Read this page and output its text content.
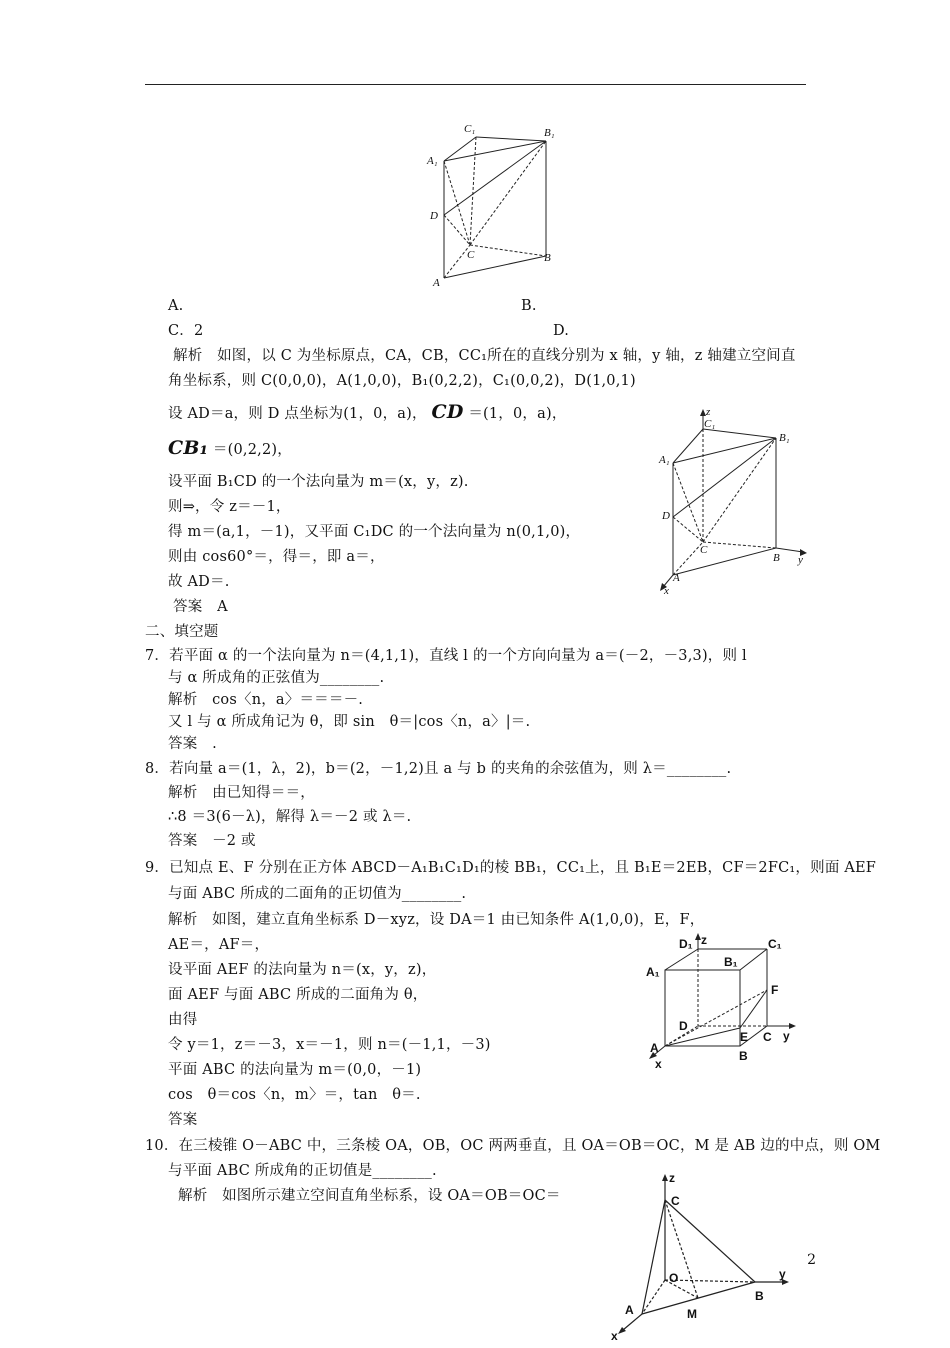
C₁	B₁
A₁
D
C	B
A
A.	B.
C．2	D.
解析　如图，以 C 为坐标原点，CA，CB，CC₁所在的直线分别为 x 轴，y 轴，z 轴建立空间直
角坐标系，则 C(0,0,0)，A(1,0,0)，B₁(0,2,2)，C₁(0,0,2)，D(1,0,1)
设 AD＝a，则 D 点坐标为(1，0，a)， CD ＝(1，0，a)，
CB₁ ＝(0,2,2)，
设平面 B₁CD 的一个法向量为 m＝(x，y，z).
则⇒，令 z＝－1，
得 m＝(a,1，－1)，又平面 C₁DC 的一个法向量为 n(0,1,0)，
则由 cos60°＝，得＝，即 a＝，
故 AD＝.
答案　A
z
C₁
B₁
A₁
D
C
B y
A
x
二、填空题
7．若平面 α 的一个法向量为 n＝(4,1,1)，直线 l 的一个方向向量为 a＝(－2，－3,3)，则 l
与 α 所成角的正弦值为________.
解析　cos〈n，a〉＝＝＝－.
又 l 与 α 所成角记为 θ，即 sin　θ＝|cos〈n，a〉|＝.
答案　.
8．若向量 a＝(1，λ，2)，b＝(2，－1,2)且 a 与 b 的夹角的余弦值为，则 λ＝________.
解析　由已知得＝＝，
∴8 ＝3(6－λ)，解得 λ＝－2 或 λ＝.
答案　－2 或
9．已知点 E、F 分别在正方体 ABCD－A₁B₁C₁D₁的棱 BB₁，CC₁上，且 B₁E＝2EB，CF＝2FC₁，则面 AEF
与面 ABC 所成的二面角的正切值为________.
解析　如图，建立直角坐标系 D－xyz，设 DA＝1 由已知条件 A(1,0,0)，E，F，
AE＝，AF＝，
设平面 AEF 的法向量为 n＝(x，y，z)，
面 AEF 与面 ABC 所成的二面角为 θ，
由得
令 y＝1，z＝－3，x＝－1，则 n＝(－1,1，－3)
平面 ABC 的法向量为 m＝(0,0，－1)
cos　θ＝cos〈n，m〉＝，tan　θ＝.
答案
D₁ z	C₁
A₁
B₁
F
D
E C y
A
B
x
10．在三棱锥 O－ABC 中，三条棱 OA，OB，OC 两两垂直，且 OA＝OB＝OC，M 是 AB 边的中点，则 OM
与平面 ABC 所成角的正切值是________.
解析　如图所示建立空间直角坐标系，设 OA＝OB＝OC＝
z
C
O	y
A
B
M
x
2
